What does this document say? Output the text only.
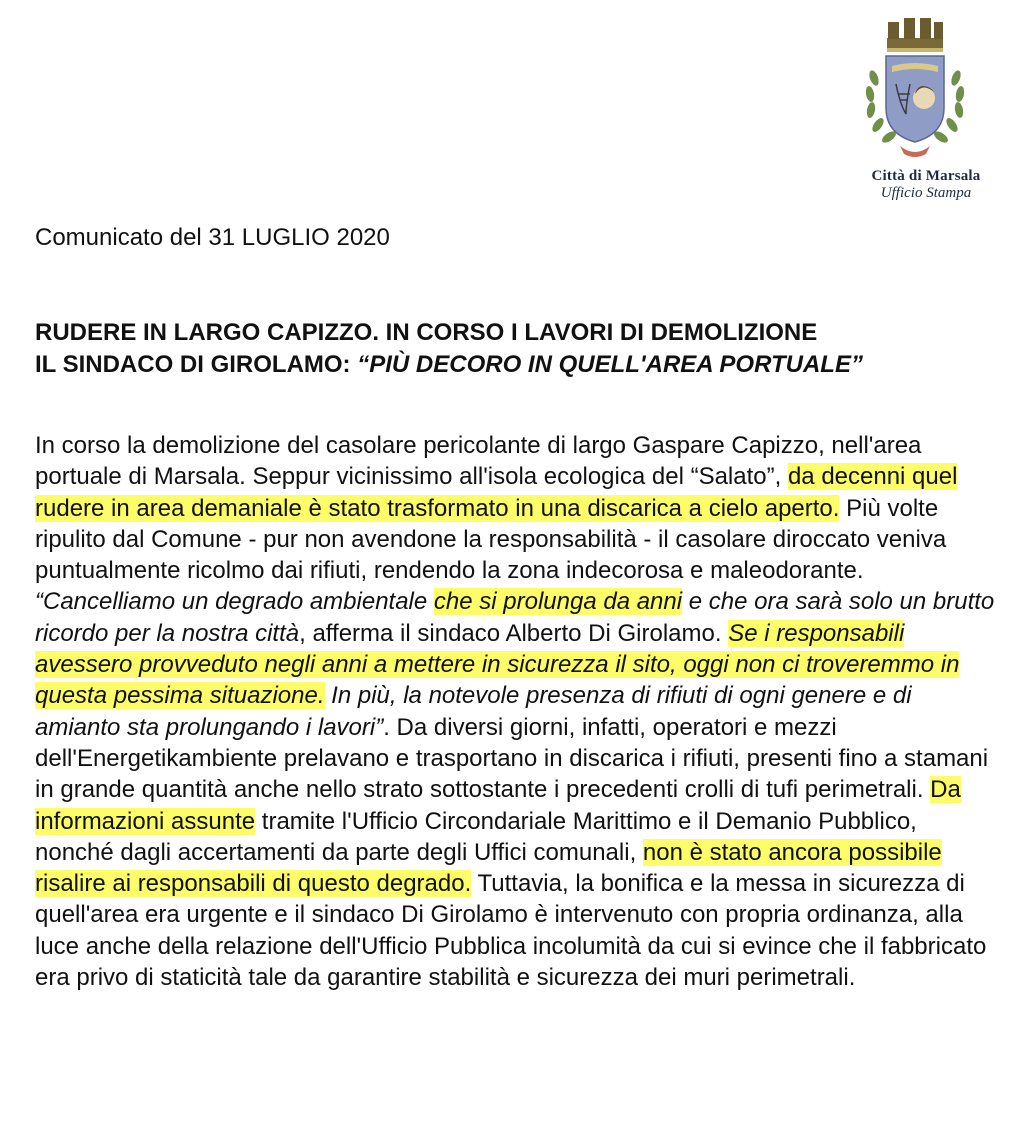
Città di Marsala
Ufficio Stampa
Comunicato del 31 LUGLIO 2020
RUDERE IN LARGO CAPIZZO. IN CORSO I LAVORI DI DEMOLIZIONE
IL SINDACO DI GIROLAMO: “PIÙ DECORO IN QUELL'AREA PORTUALE”

In corso la demolizione del casolare pericolante di largo Gaspare Capizzo, nell'area portuale di Marsala. Seppur vicinissimo all'isola ecologica del “Salato”, da decenni quel rudere in area demaniale è stato trasformato in una discarica a cielo aperto. Più volte ripulito dal Comune - pur non avendone la responsabilità - il casolare diroccato veniva puntualmente ricolmo dai rifiuti, rendendo la zona indecorosa e maleodorante. “Cancelliamo un degrado ambientale che si prolunga da anni e che ora sarà solo un brutto ricordo per la nostra città, afferma il sindaco Alberto Di Girolamo. Se i responsabili avessero provveduto negli anni a mettere in sicurezza il sito, oggi non ci troveremmo in questa pessima situazione. In più, la notevole presenza di rifiuti di ogni genere e di amianto sta prolungando i lavori”. Da diversi giorni, infatti, operatori e mezzi dell'Energetikambiente prelavano e trasportano in discarica i rifiuti, presenti fino a stamani in grande quantità anche nello strato sottostante i precedenti crolli di tufi perimetrali. Da informazioni assunte tramite l'Ufficio Circondariale Marittimo e il Demanio Pubblico, nonché dagli accertamenti da parte degli Uffici comunali, non è stato ancora possibile risalire ai responsabili di questo degrado. Tuttavia, la bonifica e la messa in sicurezza di quell'area era urgente e il sindaco Di Girolamo è intervenuto con propria ordinanza, alla luce anche della relazione dell'Ufficio Pubblica incolumità da cui si evince che il fabbricato era privo di staticità tale da garantire stabilità e sicurezza dei muri perimetrali.
